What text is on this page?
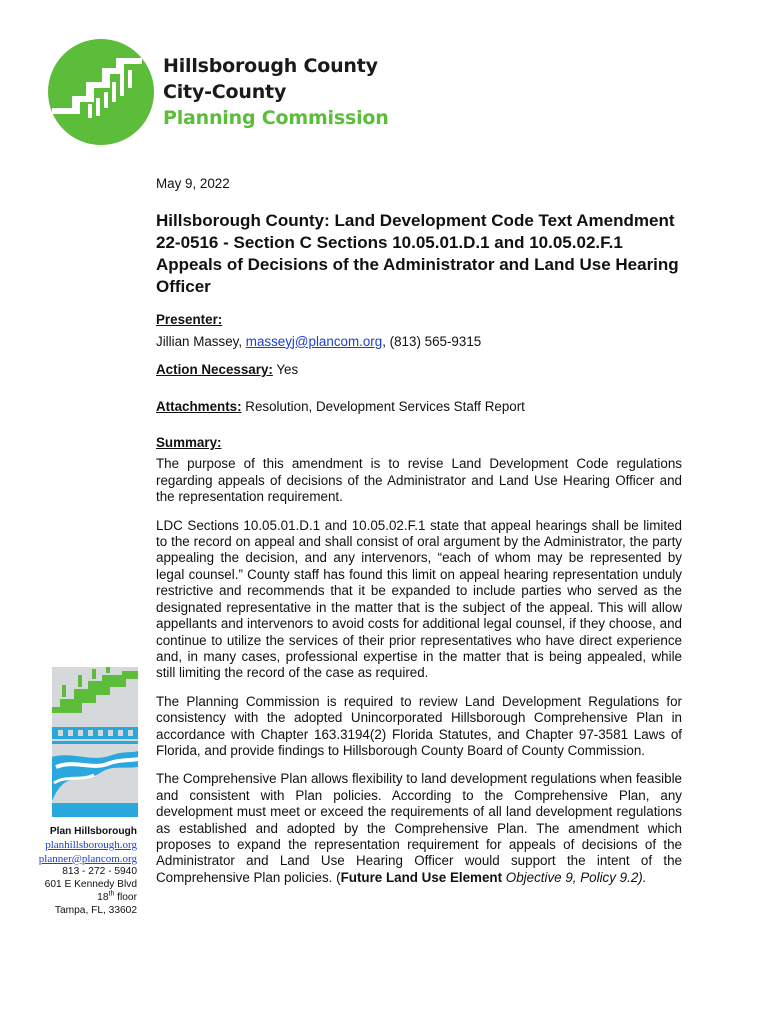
Hillsborough County
City-County
Planning Commission
May 9, 2022
Hillsborough County: Land Development Code Text Amendment 22-0516 - Section C Sections 10.05.01.D.1 and 10.05.02.F.1 Appeals of Decisions of the Administrator and Land Use Hearing Officer
Presenter:
Jillian Massey, masseyj@plancom.org, (813) 565-9315
Action Necessary: Yes
Attachments: Resolution, Development Services Staff Report
Summary:
The purpose of this amendment is to revise Land Development Code regulations regarding appeals of decisions of the Administrator and Land Use Hearing Officer and the representation requirement.
LDC Sections 10.05.01.D.1 and 10.05.02.F.1 state that appeal hearings shall be limited to the record on appeal and shall consist of oral argument by the Administrator, the party appealing the decision, and any intervenors, “each of whom may be represented by legal counsel.” County staff has found this limit on appeal hearing representation unduly restrictive and recommends that it be expanded to include parties who served as the designated representative in the matter that is the subject of the appeal. This will allow appellants and intervenors to avoid costs for additional legal counsel, if they choose, and continue to utilize the services of their prior representatives who have direct experience and, in many cases, professional expertise in the matter that is being appealed, while still limiting the record of the case as required.
The Planning Commission is required to review Land Development Regulations for consistency with the adopted Unincorporated Hillsborough Comprehensive Plan in accordance with Chapter 163.3194(2) Florida Statutes, and Chapter 97-3581 Laws of Florida, and provide findings to Hillsborough County Board of County Commission.
The Comprehensive Plan allows flexibility to land development regulations when feasible and consistent with Plan policies. According to the Comprehensive Plan, any development must meet or exceed the requirements of all land development regulations as established and adopted by the Comprehensive Plan. The amendment which proposes to expand the representation requirement for appeals of decisions of the Administrator and Land Use Hearing Officer would support the intent of the Comprehensive Plan policies. (Future Land Use Element Objective 9, Policy 9.2).
Plan Hillsborough
planhillsborough.org
planner@plancom.org
813 - 272 - 5940
601 E Kennedy Blvd
18th floor
Tampa, FL, 33602
